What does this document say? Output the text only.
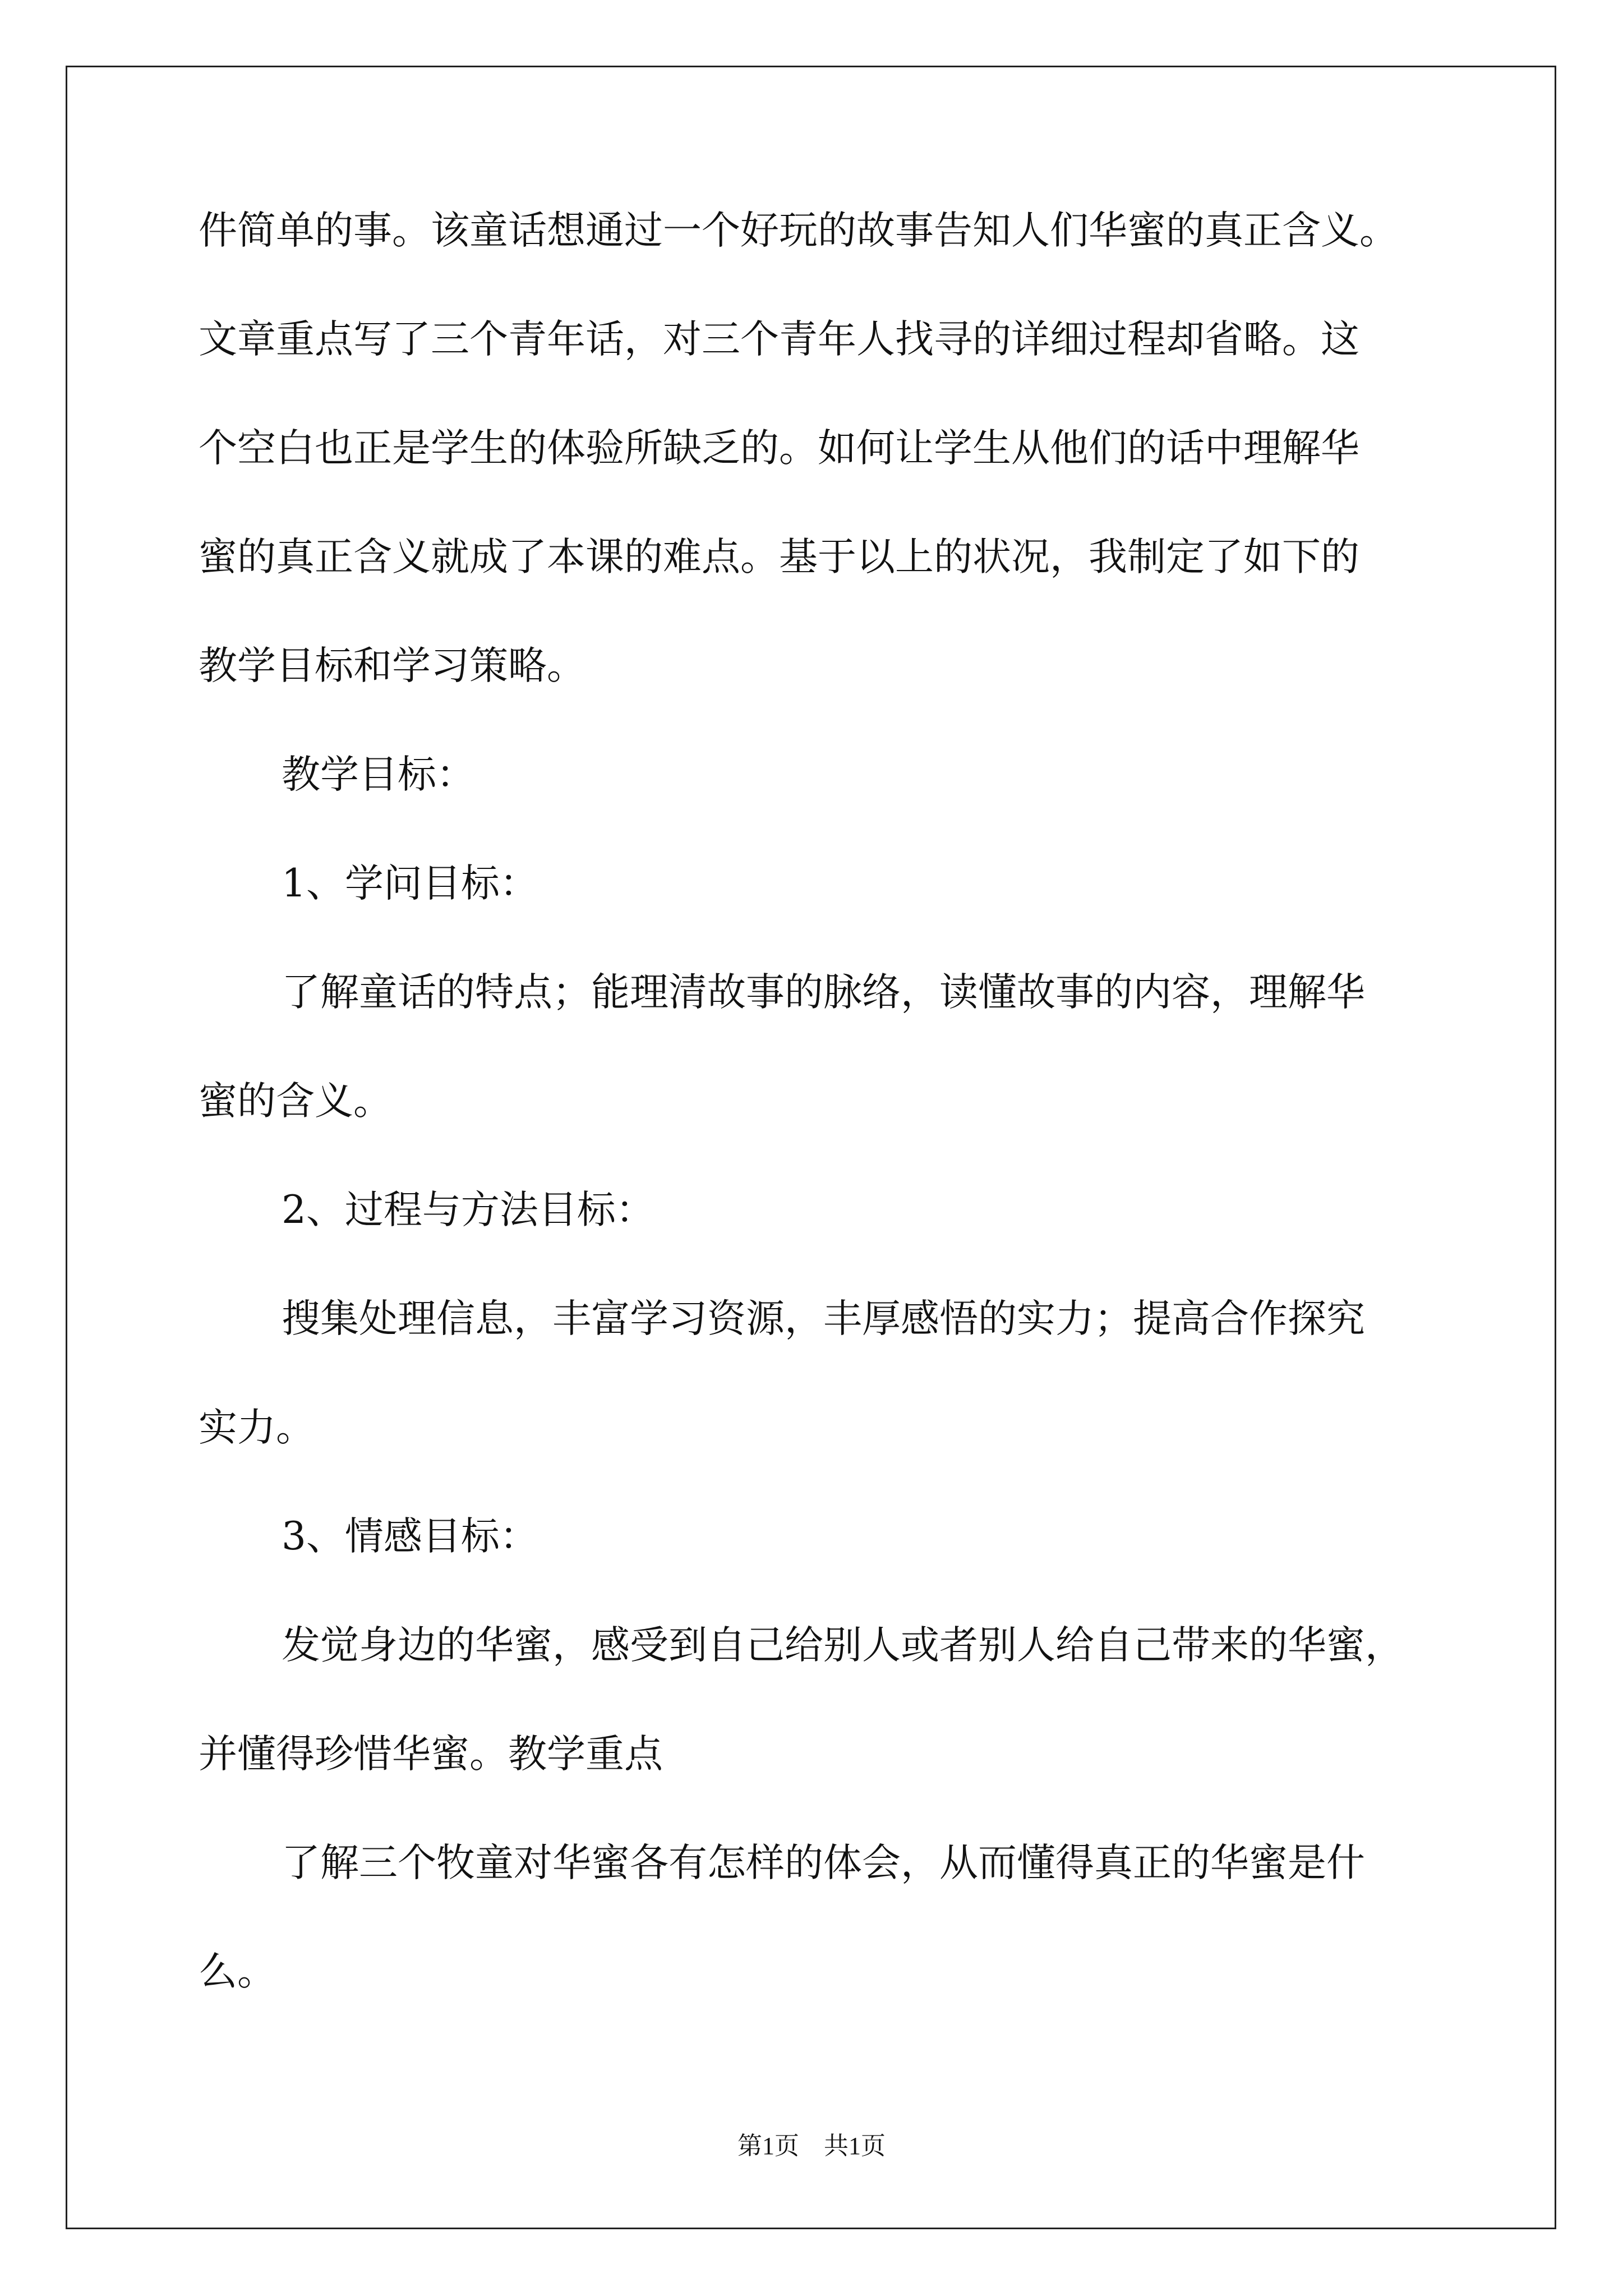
件简单的事。该童话想通过一个好玩的故事告知人们华蜜的真正含义。
文章重点写了三个青年话，对三个青年人找寻的详细过程却省略。这
个空白也正是学生的体验所缺乏的。如何让学生从他们的话中理解华
蜜的真正含义就成了本课的难点。基于以上的状况，我制定了如下的
教学目标和学习策略。
教学目标：
1、学问目标：
了解童话的特点；能理清故事的脉络，读懂故事的内容，理解华
蜜的含义。
2、过程与方法目标：
搜集处理信息，丰富学习资源，丰厚感悟的实力；提高合作探究
实力。
3、情感目标：
发觉身边的华蜜，感受到自己给别人或者别人给自己带来的华蜜，
并懂得珍惜华蜜。教学重点
了解三个牧童对华蜜各有怎样的体会，从而懂得真正的华蜜是什
么。
第1页　共1页
